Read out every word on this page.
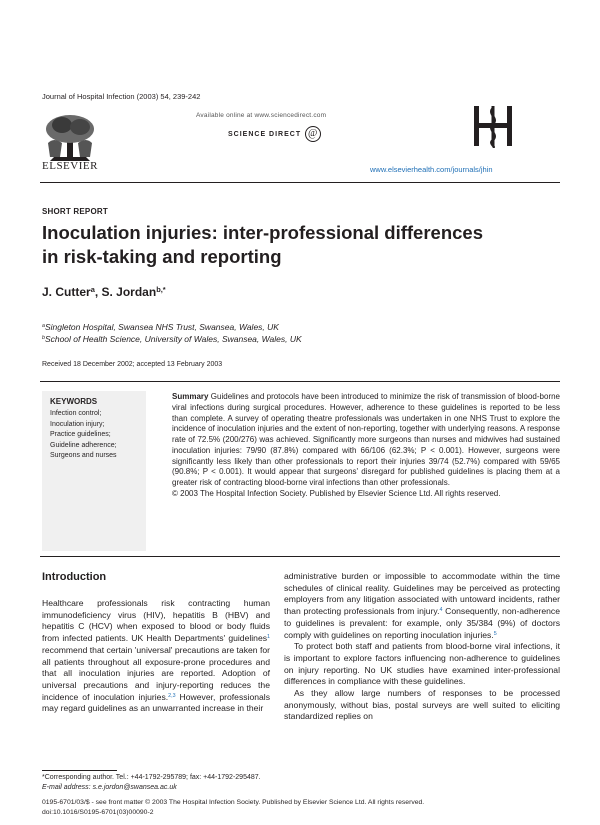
Journal of Hospital Infection (2003) 54, 239-242
ELSEVIER
Available online at www.sciencedirect.com
SCIENCE DIRECT @
www.elsevierhealth.com/journals/jhin
SHORT REPORT
Inoculation injuries: inter-professional differences
in risk-taking and reporting
J. Cutter$^a$, S. Jordan$^{b,*}$
$^a$Singleton Hospital, Swansea NHS Trust, Swansea, Wales, UK
$^b$School of Health Science, University of Wales, Swansea, Wales, UK
Received 18 December 2002; accepted 13 February 2003
KEYWORDS
Infection control;
Inoculation injury;
Practice guidelines;
Guideline adherence;
Surgeons and nurses
Summary Guidelines and protocols have been introduced to minimize the risk of transmission of blood-borne viral infections during surgical procedures. However, adherence to these guidelines is reported to be less than complete. A survey of operating theatre professionals was undertaken in one NHS Trust to explore the incidence of inoculation injuries and the extent of non-reporting, together with underlying reasons. A response rate of 72.5% (200/276) was achieved. Significantly more surgeons than nurses and midwives had sustained inoculation injuries: 79/90 (87.8%) compared with 66/106 (62.3%; P < 0.001). However, surgeons were significantly less likely than other professionals to report their injuries 39/74 (52.7%) compared with 59/65 (90.8%; P < 0.001). It would appear that surgeons' disregard for published guidelines is placing them at a greater risk of contracting blood-borne viral infections than other professionals.
© 2003 The Hospital Infection Society. Published by Elsevier Science Ltd. All rights reserved.
Introduction

Healthcare professionals risk contracting human immunodeficiency virus (HIV), hepatitis B (HBV) and hepatitis C (HCV) when exposed to blood or body fluids from infected patients. UK Health Departments' guidelines$^1$ recommend that certain 'universal' precautions are taken for all patients throughout all exposure-prone procedures and that all inoculation injuries are reported. Adoption of universal precautions and injury-reporting reduces the incidence of inoculation injuries.$^{2,3}$ However, professionals may regard guidelines as an unwarranted increase in their

administrative burden or impossible to accommodate within the time schedules of clinical reality. Guidelines may be perceived as protecting employers from any litigation associated with untoward incidents, rather than protecting professionals from injury.$^4$ Consequently, non-adherence to guidelines is prevalent: for example, only 35/384 (9%) of doctors comply with guidelines on reporting inoculation injuries.$^5$

To protect both staff and patients from blood-borne viral infections, it is important to explore factors influencing non-adherence to guidelines on injury reporting. No UK studies have examined inter-professional differences in compliance with these guidelines.

As they allow large numbers of responses to be processed anonymously, without bias, postal surveys are well suited to eliciting standardized replies on

*Corresponding author. Tel.: +44-1792-295789; fax: +44-1792-295487.
E-mail address: s.e.jordon@swansea.ac.uk
0195-6701/03/$ - see front matter © 2003 The Hospital Infection Society. Published by Elsevier Science Ltd. All rights reserved.
doi:10.1016/S0195-6701(03)00090-2
